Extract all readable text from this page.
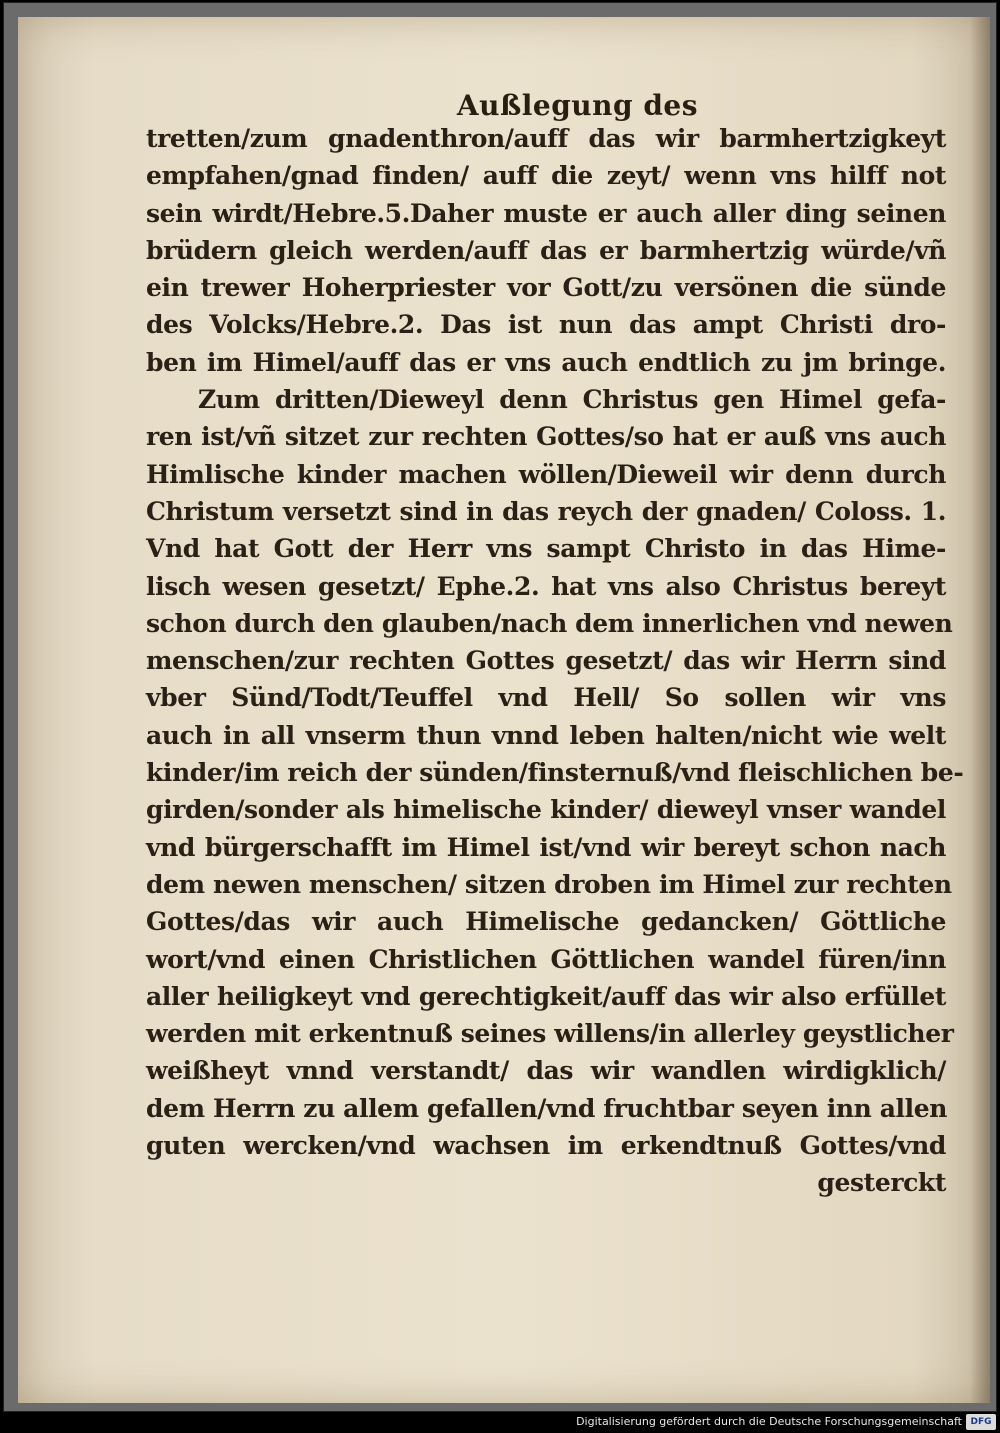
Außlegung des
tretten/zum gnadenthron/auff das wir barmhertzigkeyt
empfahen/gnad finden/ auff die zeyt/ wenn vns hilff not
sein wirdt/Hebre.5.Daher muste er auch aller ding seinen
brüdern gleich werden/auff das er barmhertzig würde/vñ
ein trewer Hoherpriester vor Gott/zu versönen die sünde
des Volcks/Hebre.2. Das ist nun das ampt Christi dro-
ben im Himel/auff das er vns auch endtlich zu jm bringe.
Zum dritten/Dieweyl denn Christus gen Himel gefa-
ren ist/vñ sitzet zur rechten Gottes/so hat er auß vns auch
Himlische kinder machen wöllen/Dieweil wir denn durch
Christum versetzt sind in das reych der gnaden/ Coloss. 1.
Vnd hat Gott der Herr vns sampt Christo in das Hime-
lisch wesen gesetzt/ Ephe.2. hat vns also Christus bereyt
schon durch den glauben/nach dem innerlichen vnd newen
menschen/zur rechten Gottes gesetzt/ das wir Herrn sind
vber Sünd/Todt/Teuffel vnd Hell/ So sollen wir vns
auch in all vnserm thun vnnd leben halten/nicht wie welt
kinder/im reich der sünden/finsternuß/vnd fleischlichen be-
girden/sonder als himelische kinder/ dieweyl vnser wandel
vnd bürgerschafft im Himel ist/vnd wir bereyt schon nach
dem newen menschen/ sitzen droben im Himel zur rechten
Gottes/das wir auch Himelische gedancken/ Göttliche
wort/vnd einen Christlichen Göttlichen wandel füren/inn
aller heiligkeyt vnd gerechtigkeit/auff das wir also erfüllet
werden mit erkentnuß seines willens/in allerley geystlicher
weißheyt vnnd verstandt/ das wir wandlen wirdigklich/
dem Herrn zu allem gefallen/vnd fruchtbar seyen inn allen
guten wercken/vnd wachsen im erkendtnuß Gottes/vnd
gesterckt
Digitalisierung gefördert durch die Deutsche Forschungsgemeinschaft DFG
